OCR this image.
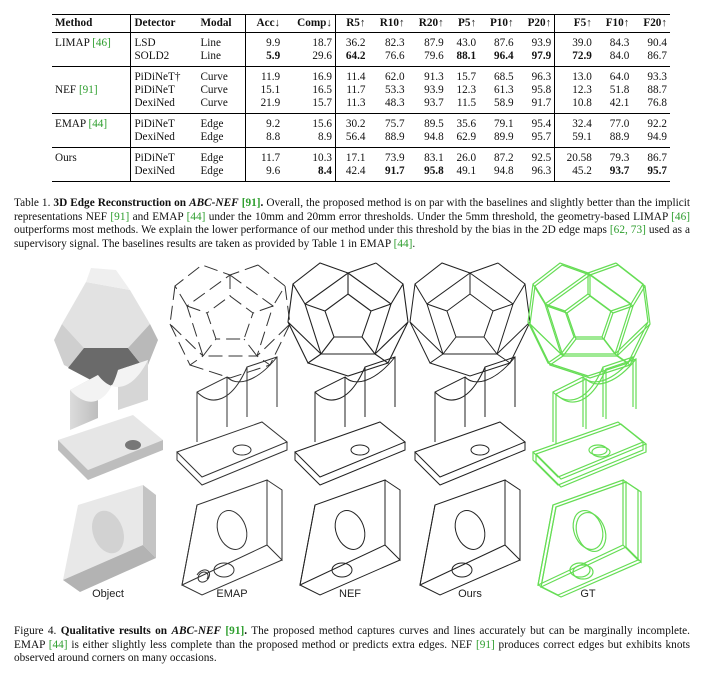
Method	Detector	Modal	Acc↓	Comp↓	R5↑	R10↑	R20↑	P5↑	P10↑	P20↑	F5↑	F10↑	F20↑
LIMAP [46]	LSD	Line	9.9	18.7	36.2	82.3	87.9	43.0	87.6	93.9	39.0	84.3	90.4
	SOLD2	Line	5.9	29.6	64.2	76.6	79.6	88.1	96.4	97.9	72.9	84.0	86.7
	PiDiNeT†	Curve	11.9	16.9	11.4	62.0	91.3	15.7	68.5	96.3	13.0	64.0	93.3
NEF [91]	PiDiNeT	Curve	15.1	16.5	11.7	53.3	93.9	12.3	61.3	95.8	12.3	51.8	88.7
	DexiNed	Curve	21.9	15.7	11.3	48.3	93.7	11.5	58.9	91.7	10.8	42.1	76.8
EMAP [44]	PiDiNeT	Edge	9.2	15.6	30.2	75.7	89.5	35.6	79.1	95.4	32.4	77.0	92.2
	DexiNed	Edge	8.8	8.9	56.4	88.9	94.8	62.9	89.9	95.7	59.1	88.9	94.9
Ours	PiDiNeT	Edge	11.7	10.3	17.1	73.9	83.1	26.0	87.2	92.5	20.58	79.3	86.7
	DexiNed	Edge	9.6	8.4	42.4	91.7	95.8	49.1	94.8	96.3	45.2	93.7	95.7
Table 1. 3D Edge Reconstruction on ABC-NEF [91]. Overall, the proposed method is on par with the baselines and slightly better than the implicit representations NEF [91] and EMAP [44] under the 10mm and 20mm error thresholds. Under the 5mm threshold, the geometry-based LIMAP [46] outperforms most methods. We explain the lower performance of our method under this threshold by the bias in the 2D edge maps [62, 73] used as a supervisory signal. The baselines results are taken as provided by Table 1 in EMAP [44].
Object	EMAP	NEF	Ours	GT
Figure 4. Qualitative results on ABC-NEF [91]. The proposed method captures curves and lines accurately but can be marginally incomplete. EMAP [44] is either slightly less complete than the proposed method or predicts extra edges. NEF [91] produces correct edges but exhibits knots observed around corners on many occasions.
